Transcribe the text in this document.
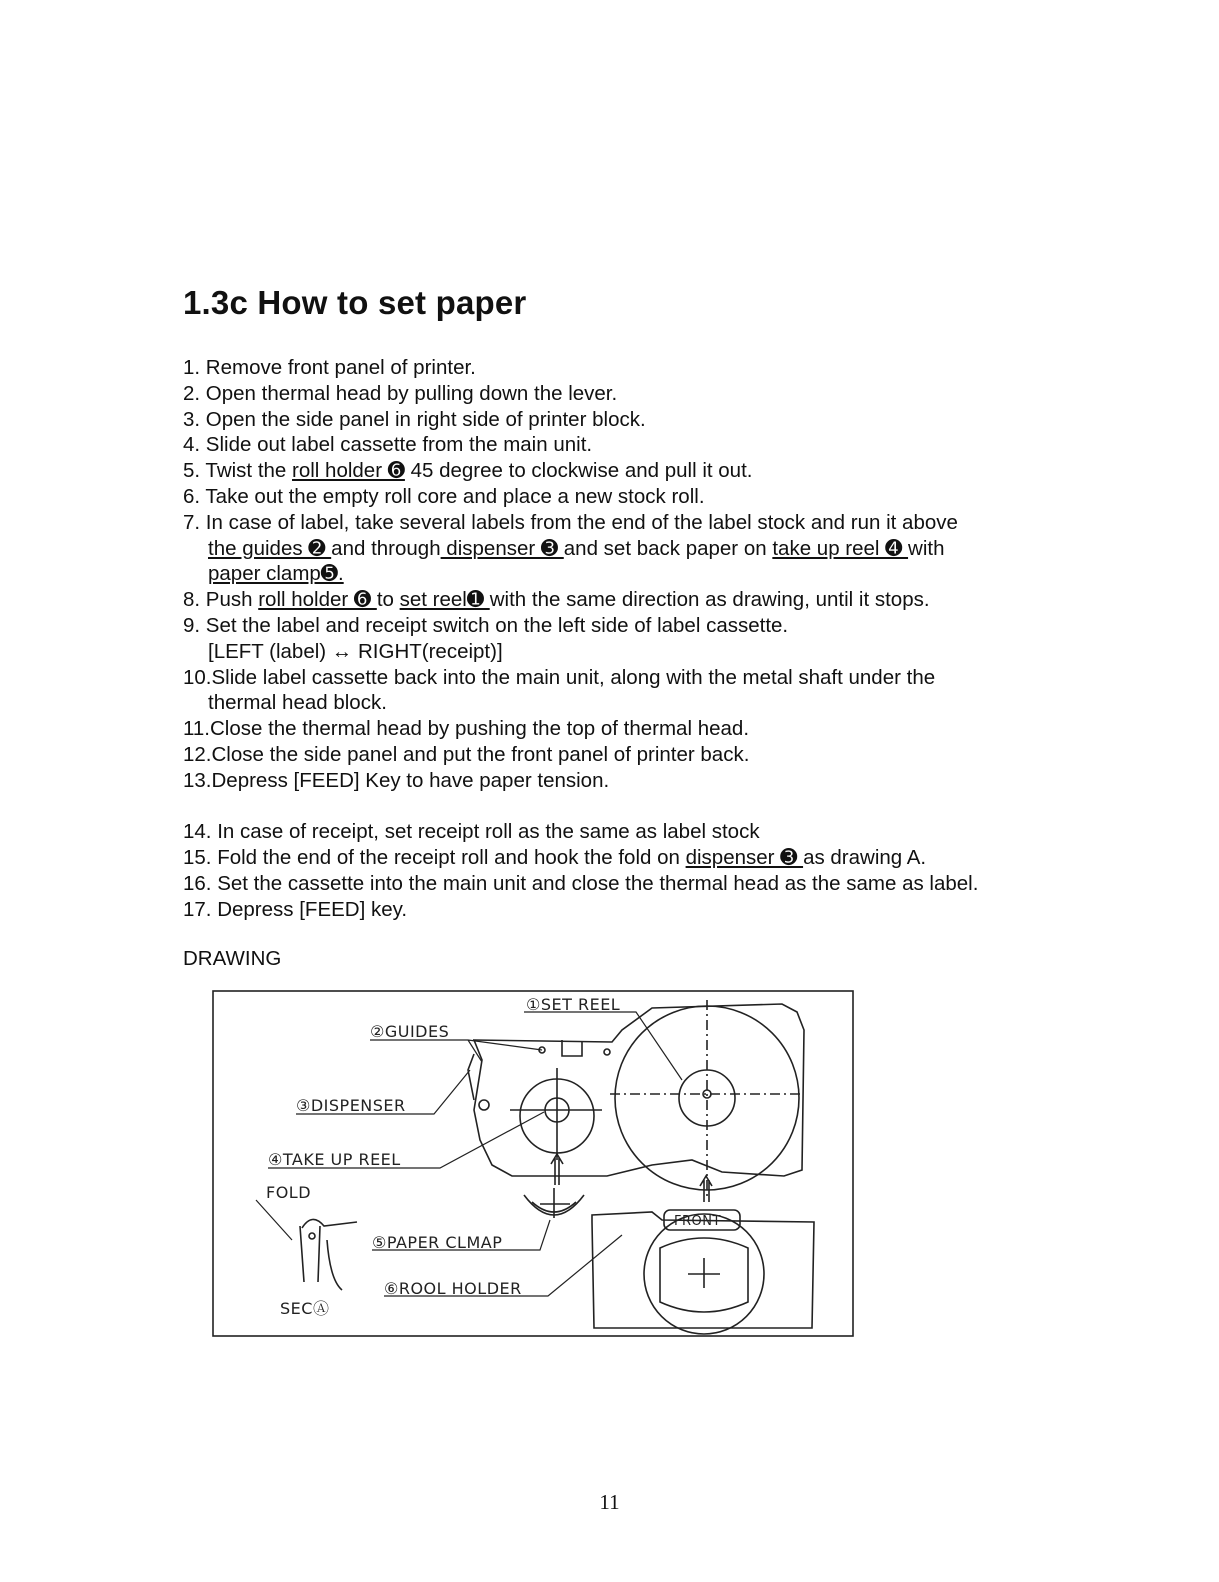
1.3c How to set paper
1. Remove front panel of printer.
2. Open thermal head by pulling down the lever.
3. Open the side panel in right side of printer block.
4. Slide out label cassette from the main unit.
5. Twist the roll holder ➏ 45 degree to clockwise and pull it out.
6. Take out the empty roll core and place a new stock roll.
7. In case of label, take several labels from the end of the label stock and run it above
the guides ➋ and through dispenser ➌ and set back paper on take up reel ➍ with
paper clamp➎.
8. Push roll holder ➏ to set reel➊ with the same direction as drawing, until it stops.
9. Set the label and receipt switch on the left side of label cassette.
[LEFT (label) ↔ RIGHT(receipt)]
10.Slide label cassette back into the main unit, along with the metal shaft under the
thermal head block.
11.Close the thermal head by pushing the top of thermal head.
12.Close the side panel and put the front panel of printer back.
13.Depress [FEED] Key to have paper tension.
14. In case of receipt, set receipt roll as the same as label stock
15. Fold the end of the receipt roll and hook the fold on dispenser ➌ as drawing A.
16. Set the cassette into the main unit and close the thermal head as the same as label.
17. Depress [FEED] key.
DRAWING
①SET REEL
②GUIDES
③DISPENSER
④TAKE UP REEL
FOLD
⑤PAPER CLMAP
⑥ROOL HOLDER
FRONT
SECⒶ
11
